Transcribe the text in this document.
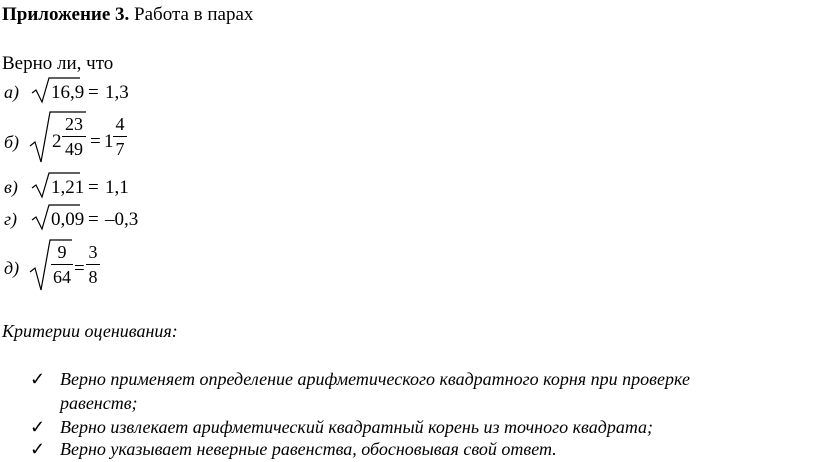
Приложение 3. Работа в парах
Верно ли, что
а) 16,9 = 1,3
б) 2
23
49 = 1
4
7
в) 1,21 = 1,1
г) 0,09 = –0,3
д)
9
64 =
3
8
Критерии оценивания:
✓ Верно применяет определение арифметического квадратного корня при проверке
равенств;
✓ Верно извлекает арифметический квадратный корень из точного квадрата;
✓ Верно указывает неверные равенства, обосновывая свой ответ.
